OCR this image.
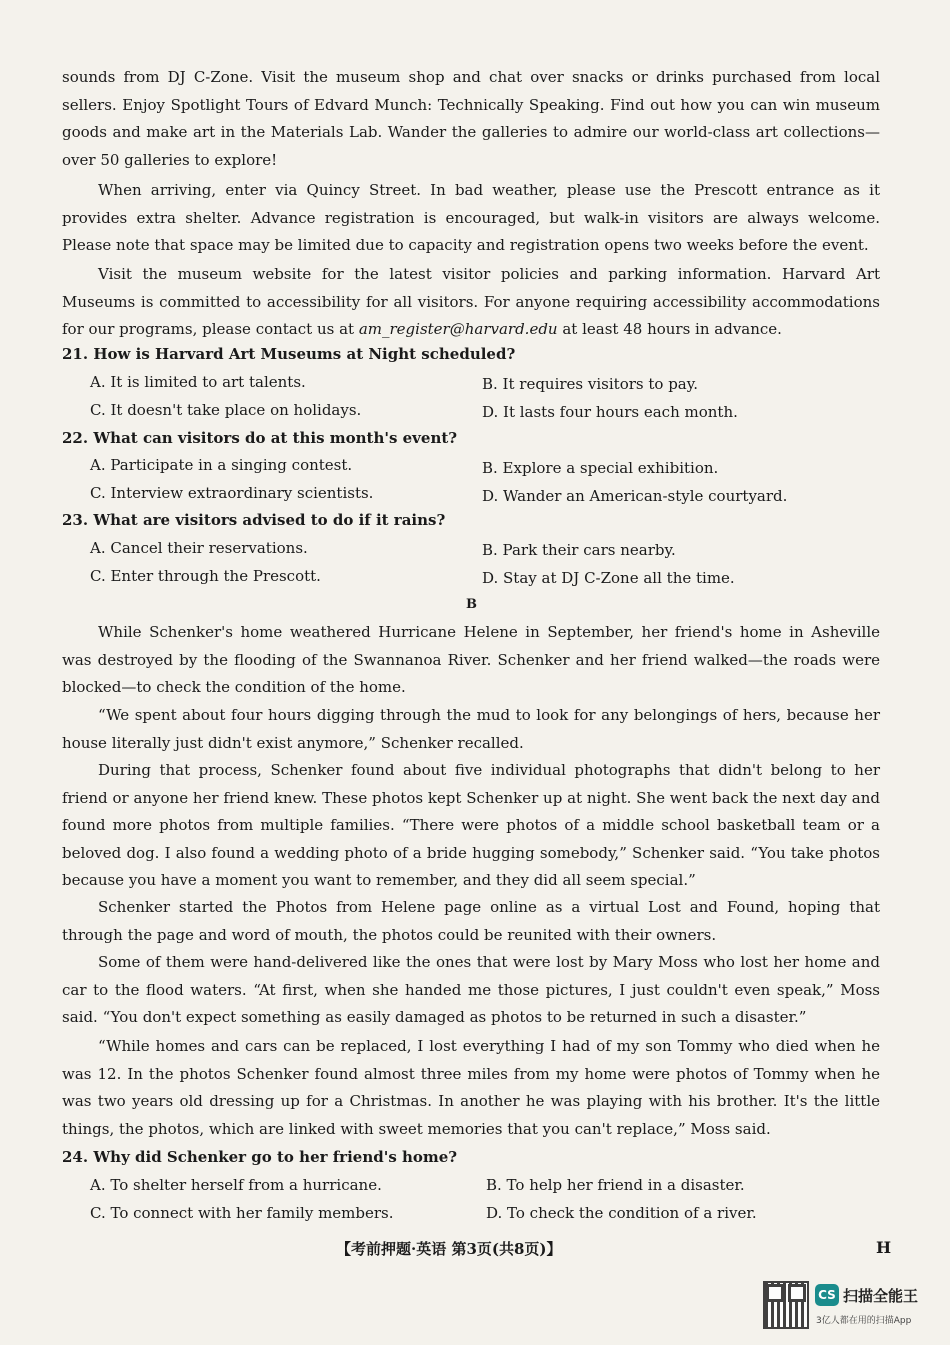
sounds from DJ C-Zone. Visit the museum shop and chat over snacks or drinks purchased from local sellers. Enjoy Spotlight Tours of Edvard Munch: Technically Speaking. Find out how you can win museum goods and make art in the Materials Lab. Wander the galleries to admire our world-class art collections—over 50 galleries to explore!

When arriving, enter via Quincy Street. In bad weather, please use the Prescott entrance as it provides extra shelter. Advance registration is encouraged, but walk-in visitors are always welcome. Please note that space may be limited due to capacity and registration opens two weeks before the event.

Visit the museum website for the latest visitor policies and parking information. Harvard Art Museums is committed to accessibility for all visitors. For anyone requiring accessibility accommodations for our programs, please contact us at am_register@harvard.edu at least 48 hours in advance.

21. How is Harvard Art Museums at Night scheduled?

A. It is limited to art talents.	B. It requires visitors to pay.

C. It doesn't take place on holidays.	D. It lasts four hours each month.

22. What can visitors do at this month's event?

A. Participate in a singing contest.	B. Explore a special exhibition.

C. Interview extraordinary scientists.	D. Wander an American-style courtyard.

23. What are visitors advised to do if it rains?

A. Cancel their reservations.	B. Park their cars nearby.

C. Enter through the Prescott.	D. Stay at DJ C-Zone all the time.

B

While Schenker's home weathered Hurricane Helene in September, her friend's home in Asheville was destroyed by the flooding of the Swannanoa River. Schenker and her friend walked—the roads were blocked—to check the condition of the home.

“We spent about four hours digging through the mud to look for any belongings of hers, because her house literally just didn't exist anymore,” Schenker recalled.

During that process, Schenker found about five individual photographs that didn't belong to her friend or anyone her friend knew. These photos kept Schenker up at night. She went back the next day and found more photos from multiple families. “There were photos of a middle school basketball team or a beloved dog. I also found a wedding photo of a bride hugging somebody,” Schenker said. “You take photos because you have a moment you want to remember, and they did all seem special.”

Schenker started the Photos from Helene page online as a virtual Lost and Found, hoping that through the page and word of mouth, the photos could be reunited with their owners.

Some of them were hand-delivered like the ones that were lost by Mary Moss who lost her home and car to the flood waters. “At first, when she handed me those pictures, I just couldn't even speak,” Moss said. “You don't expect something as easily damaged as photos to be returned in such a disaster.”

“While homes and cars can be replaced, I lost everything I had of my son Tommy who died when he was 12. In the photos Schenker found almost three miles from my home were photos of Tommy when he was two years old dressing up for a Christmas. In another he was playing with his brother. It's the little things, the photos, which are linked with sweet memories that you can't replace,” Moss said.

24. Why did Schenker go to her friend's home?

A. To shelter herself from a hurricane.	B. To help her friend in a disaster.

C. To connect with her family members.	D. To check the condition of a river.

【考前押题·英语 第3页(共8页)】	H
CS 扫描全能王
3亿人都在用的扫描App
